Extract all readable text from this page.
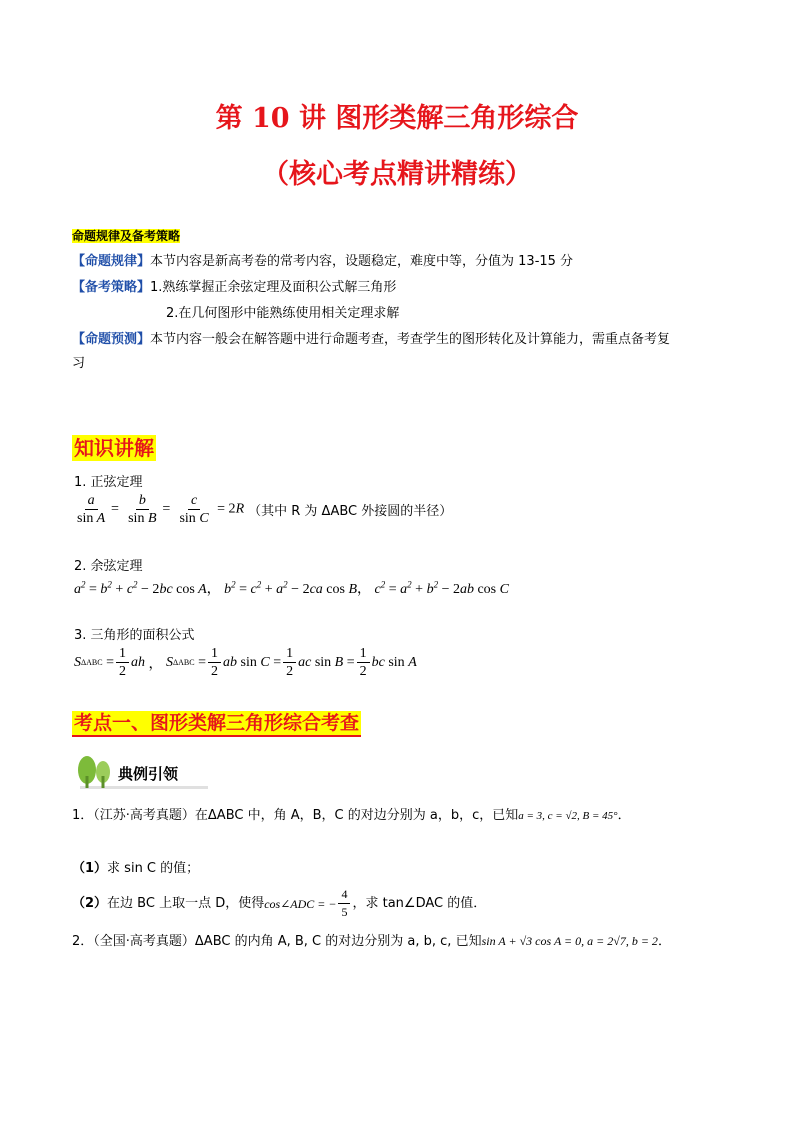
第 10 讲 图形类解三角形综合
（核心考点精讲精练）
命题规律及备考策略
【命题规律】本节内容是新高考卷的常考内容，设题稳定，难度中等，分值为 13-15 分
【备考策略】1.熟练掌握正余弦定理及面积公式解三角形
2.在几何图形中能熟练使用相关定理求解
【命题预测】本节内容一般会在解答题中进行命题考查，考查学生的图形转化及计算能力，需重点备考复
习
知识讲解
1. 正弦定理
$\frac{a}{\text{sin A}} = \frac{b}{\text{sin B}} = \frac{c}{\text{sin C}} = 2R$ （其中 R 为 ΔABC 外接圆的半径）
2. 余弦定理
$a^2 = b^2 + c^2 - 2bc$ cos A， $b^2 = c^2 + a^2 - 2ca$ cos B， $c^2 = a^2 + b^2 - 2ab$ cos C
3. 三角形的面积公式
S $\Delta ABC = \frac{1}{2}$ ah ， S $\Delta ABC = \frac{1}{2}$ ab $\sin C = \frac{1}{2}$ ac $\sin B = \frac{1}{2}$ bc sin A
考点一、图形类解三角形综合考查
典例引领
1．（江苏·高考真题）在ΔABC 中，角 A，B，C 的对边分别为 a，b，c，已知a = 3, c = √2, B = 45°．
（1）求 sin C 的值；
（2） 在边 BC 上取一点 D，使得 cos∠ADC = − $\frac{4}{5}$ ，求 tan∠DAC 的值．
2．（全国·高考真题）ΔABC 的内角 A, B, C 的对边分别为 a, b, c, 已知sin A + √3 cos A = 0, a = 2√7, b = 2．
